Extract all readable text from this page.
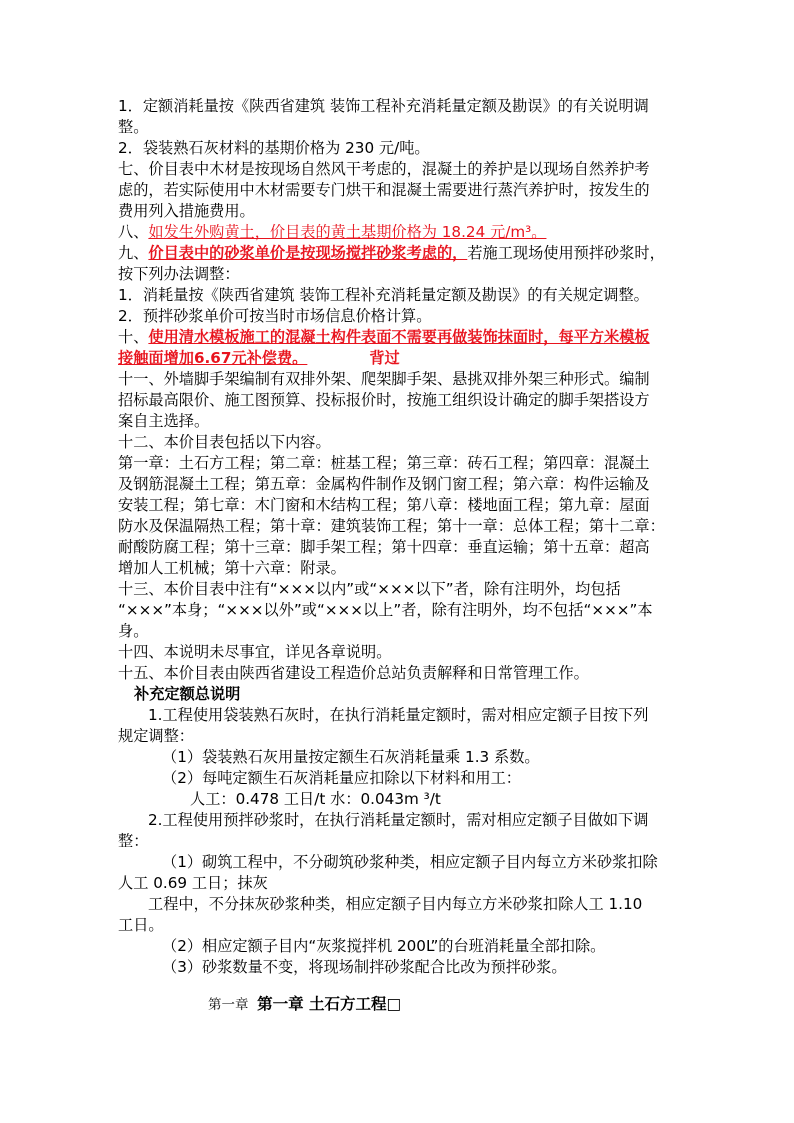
1．定额消耗量按《陕西省建筑 装饰工程补充消耗量定额及勘误》的有关说明调
整。
2．袋装熟石灰材料的基期价格为 230 元/吨。
七、价目表中木材是按现场自然风干考虑的，混凝土的养护是以现场自然养护考
虑的，若实际使用中木材需要专门烘干和混凝土需要进行蒸汽养护时，按发生的
费用列入措施费用。
八、如发生外购黄土，价目表的黄土基期价格为 18.24 元/m³。
九、价目表中的砂浆单价是按现场搅拌砂浆考虑的，若施工现场使用预拌砂浆时，
按下列办法调整：
1．消耗量按《陕西省建筑 装饰工程补充消耗量定额及勘误》的有关规定调整。
2．预拌砂浆单价可按当时市场信息价格计算。
十、使用清水模板施工的混凝土构件表面不需要再做装饰抹面时，每平方米模板
接触面增加6.67元补偿费。	背过
十一、外墙脚手架编制有双排外架、爬架脚手架、悬挑双排外架三种形式。编制
招标最高限价、施工图预算、投标报价时，按施工组织设计确定的脚手架搭设方
案自主选择。
十二、本价目表包括以下内容。
第一章：土石方工程；第二章：桩基工程；第三章：砖石工程；第四章：混凝土
及钢筋混凝土工程；第五章：金属构件制作及钢门窗工程；第六章：构件运输及
安装工程；第七章：木门窗和木结构工程；第八章：楼地面工程；第九章：屋面
防水及保温隔热工程；第十章：建筑装饰工程；第十一章：总体工程；第十二章：
耐酸防腐工程；第十三章：脚手架工程；第十四章：垂直运输；第十五章：超高
增加人工机械；第十六章：附录。
十三、本价目表中注有“×××以内”或“×××以下”者，除有注明外，均包括
“×××”本身；“×××以外”或“×××以上”者，除有注明外，均不包括“×××”本
身。
十四、本说明未尽事宜，详见各章说明。
十五、本价目表由陕西省建设工程造价总站负责解释和日常管理工作。
补充定额总说明
1.工程使用袋装熟石灰时，在执行消耗量定额时，需对相应定额子目按下列
规定调整：
（1）袋装熟石灰用量按定额生石灰消耗量乘 1.3 系数。
（2）每吨定额生石灰消耗量应扣除以下材料和用工：
人工：0.478 工日/t 水：0.043m ³/t
2.工程使用预拌砂浆时，在执行消耗量定额时，需对相应定额子目做如下调
整：
（1）砌筑工程中，不分砌筑砂浆种类，相应定额子目内每立方米砂浆扣除
人工 0.69 工日；抹灰
工程中，不分抹灰砂浆种类，相应定额子目内每立方米砂浆扣除人工 1.10
工日。
（2）相应定额子目内“灰浆搅拌机 200L”的台班消耗量全部扣除。
（3）砂浆数量不变，将现场制拌砂浆配合比改为预拌砂浆。
第一章 第一章 土石方工程□
